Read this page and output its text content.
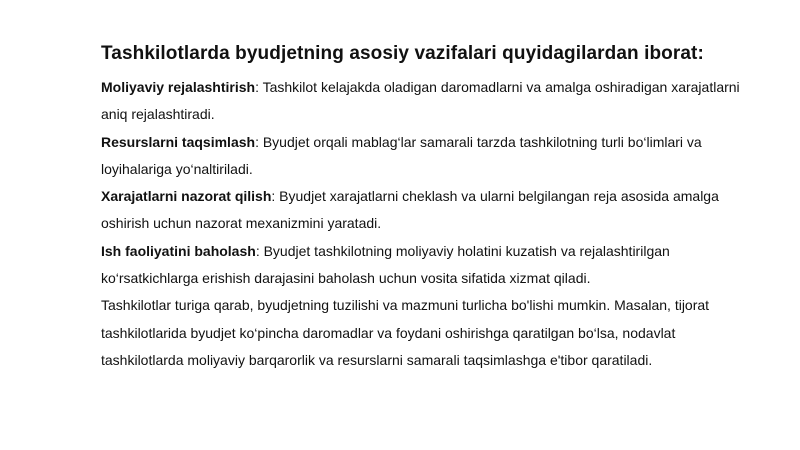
Tashkilotlarda byudjetning asosiy vazifalari quyidagilardan iborat:

Moliyaviy rejalashtirish: Tashkilot kelajakda oladigan daromadlarni va amalga oshiradigan xarajatlarni aniq rejalashtiradi.

Resurslarni taqsimlash: Byudjet orqali mablag‘lar samarali tarzda tashkilotning turli bo‘limlari va loyihalariga yo‘naltiriladi.

Xarajatlarni nazorat qilish: Byudjet xarajatlarni cheklash va ularni belgilangan reja asosida amalga oshirish uchun nazorat mexanizmini yaratadi.

Ish faoliyatini baholash: Byudjet tashkilotning moliyaviy holatini kuzatish va rejalashtirilgan ko‘rsatkichlarga erishish darajasini baholash uchun vosita sifatida xizmat qiladi.

Tashkilotlar turiga qarab, byudjetning tuzilishi va mazmuni turlicha bo'lishi mumkin. Masalan, tijorat tashkilotlarida byudjet ko‘pincha daromadlar va foydani oshirishga qaratilgan bo‘lsa, nodavlat tashkilotlarda moliyaviy barqarorlik va resurslarni samarali taqsimlashga e'tibor qaratiladi.
